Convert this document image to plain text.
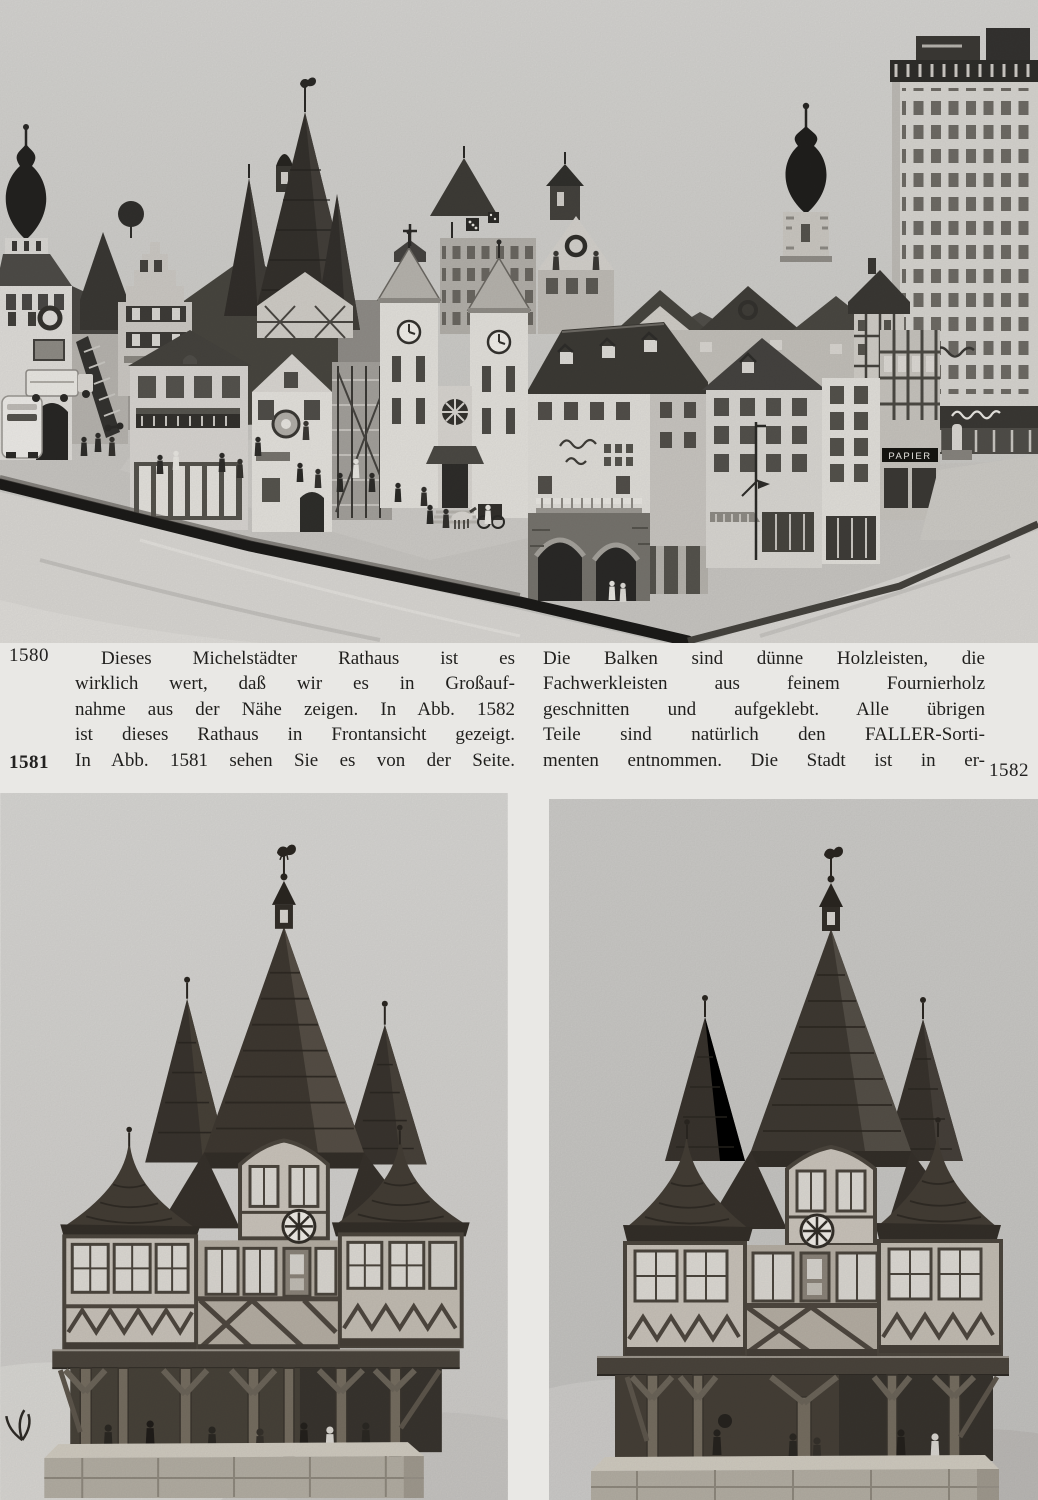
PAPIER
1580
1581	1582
Dieses Michelstädter Rathaus ist es
wirklich wert, daß wir es in Großauf-
nahme aus der Nähe zeigen. In Abb. 1582
ist dieses Rathaus in Frontansicht gezeigt.
In Abb. 1581 sehen Sie es von der Seite.
Die Balken sind dünne Holzleisten, die
Fachwerkleisten aus feinem Fournierholz
geschnitten und aufgeklebt. Alle übrigen
Teile sind natürlich den FALLER-Sorti-
menten entnommen. Die Stadt ist in er-
